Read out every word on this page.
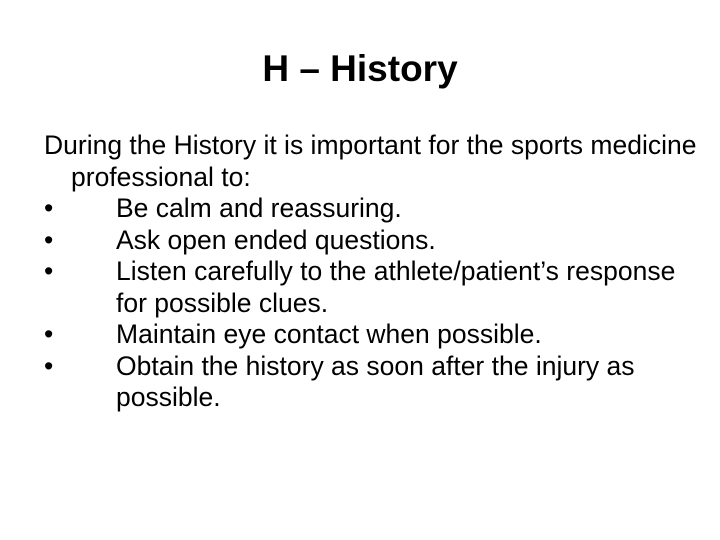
H – History

During the History it is important for the sports medicine professional to:

• Be calm and reassuring.
• Ask open ended questions.
• Listen carefully to the athlete/patient’s response for possible clues.
• Maintain eye contact when possible.
• Obtain the history as soon after the injury as possible.
